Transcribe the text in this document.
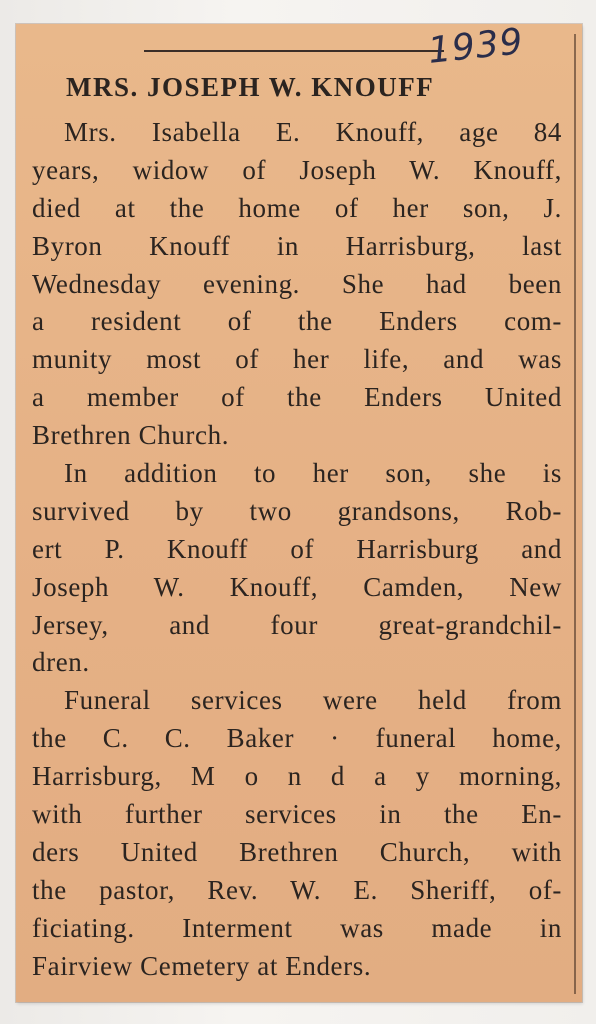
1939
MRS. JOSEPH W. KNOUFF
Mrs. Isabella E. Knouff, age 84
years, widow of Joseph W. Knouff,
died at the home of her son, J.
Byron Knouff in Harrisburg, last
Wednesday evening. She had been
a resident of the Enders com-
munity most of her life, and was
a member of the Enders United
Brethren Church.
In addition to her son, she is
survived by two grandsons, Rob-
ert P. Knouff of Harrisburg and
Joseph W. Knouff, Camden, New
Jersey, and four great-grandchil-
dren.
Funeral services were held from
the C. C. Baker · funeral home,
Harrisburg, M o n d a y morning,
with further services in the En-
ders United Brethren Church, with
the pastor, Rev. W. E. Sheriff, of-
ficiating. Interment was made in
Fairview Cemetery at Enders.
